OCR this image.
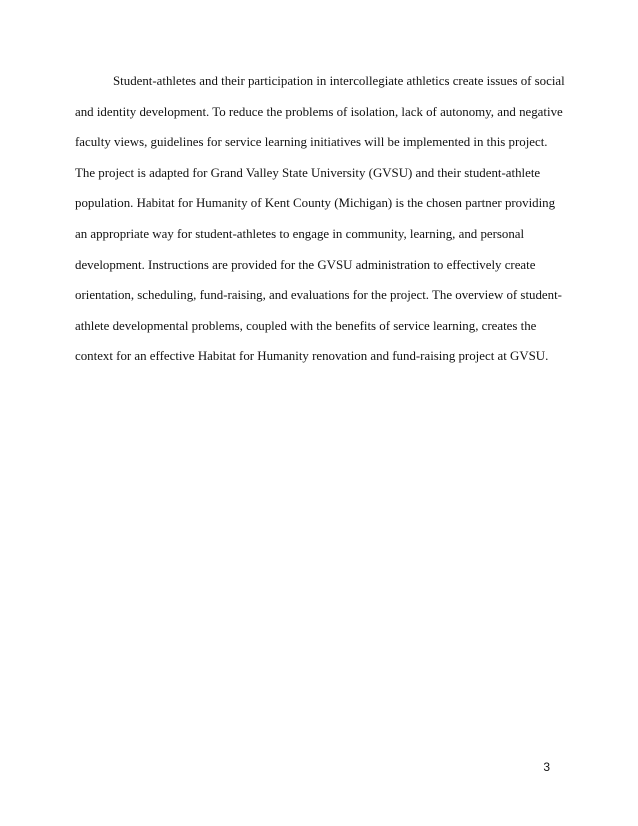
Student-athletes and their participation in intercollegiate athletics create issues of social
and identity development. To reduce the problems of isolation, lack of autonomy, and negative
faculty views, guidelines for service learning initiatives will be implemented in this project.
The project is adapted for Grand Valley State University (GVSU) and their student-athlete
population. Habitat for Humanity of Kent County (Michigan) is the chosen partner providing
an appropriate way for student-athletes to engage in community, learning, and personal
development. Instructions are provided for the GVSU administration to effectively create
orientation, scheduling, fund-raising, and evaluations for the project. The overview of student-
athlete developmental problems, coupled with the benefits of service learning, creates the
context for an effective Habitat for Humanity renovation and fund-raising project at GVSU.

3
